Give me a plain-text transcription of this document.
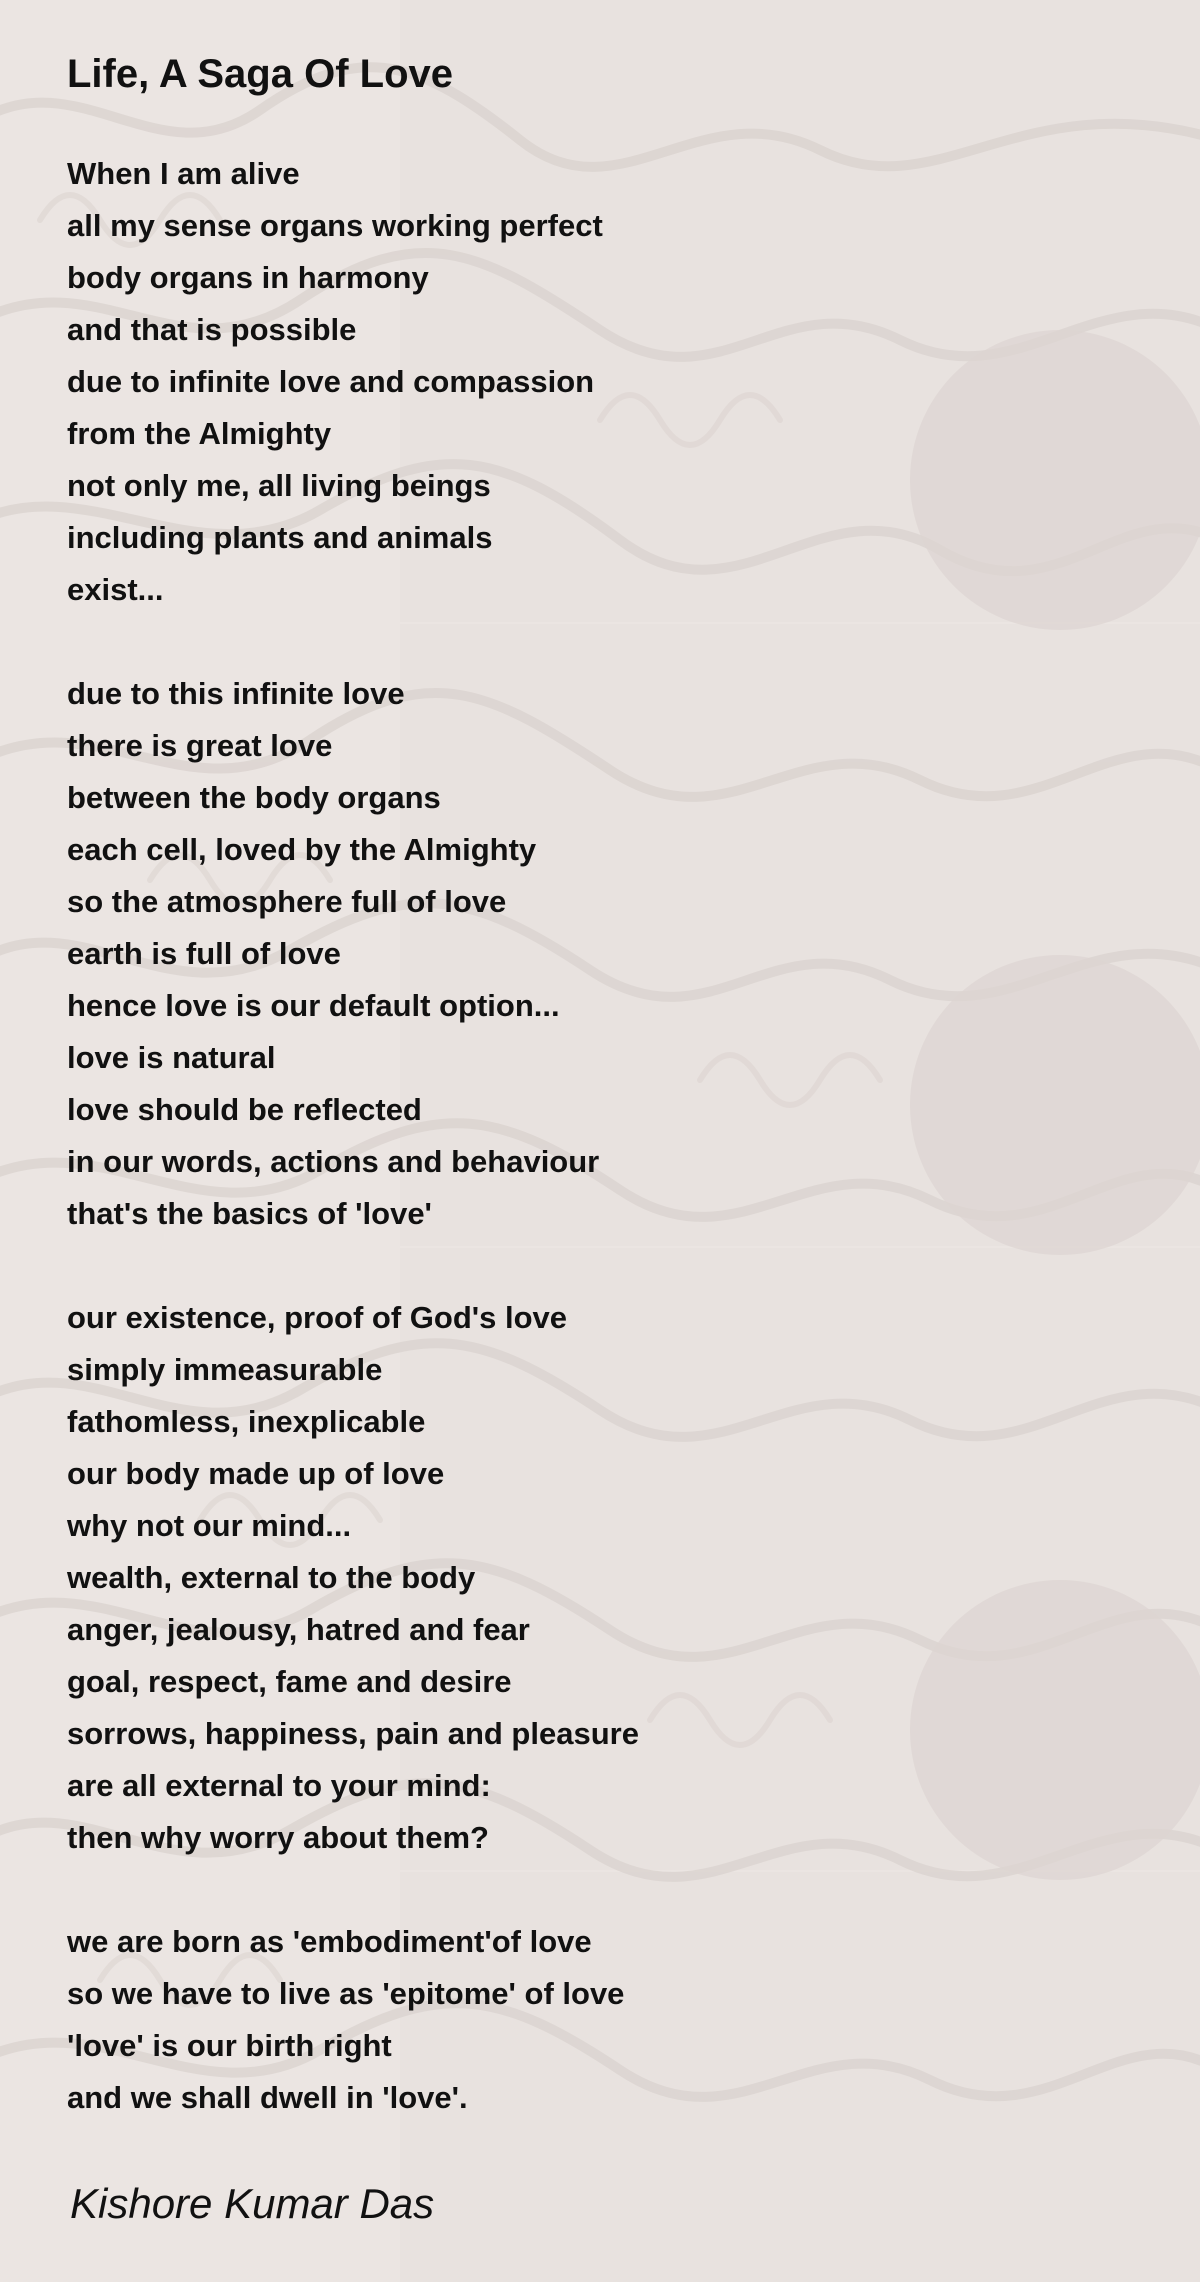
Life, A Saga Of Love
When I am alive
all my sense organs working perfect
body organs in harmony
and that is possible
due to infinite love and compassion
from the Almighty
not only me, all living beings
including plants and animals
exist...
due to this infinite love
there is great love
between the body organs
each cell, loved by the Almighty
so the atmosphere full of love
earth is full of love
hence love is our default option...
love is natural
love should be reflected
in our words, actions and behaviour
that's the basics of 'love'
our existence, proof of God's love
simply immeasurable
fathomless, inexplicable
our body made up of love
why not our mind...
wealth, external to the body
anger, jealousy, hatred and fear
goal, respect, fame and desire
sorrows, happiness, pain and pleasure
are all external to your mind:
then why worry about them?
we are born as 'embodiment'of love
so we have to live as 'epitome' of love
'love' is our birth right
and we shall dwell in 'love'.
Kishore Kumar Das
